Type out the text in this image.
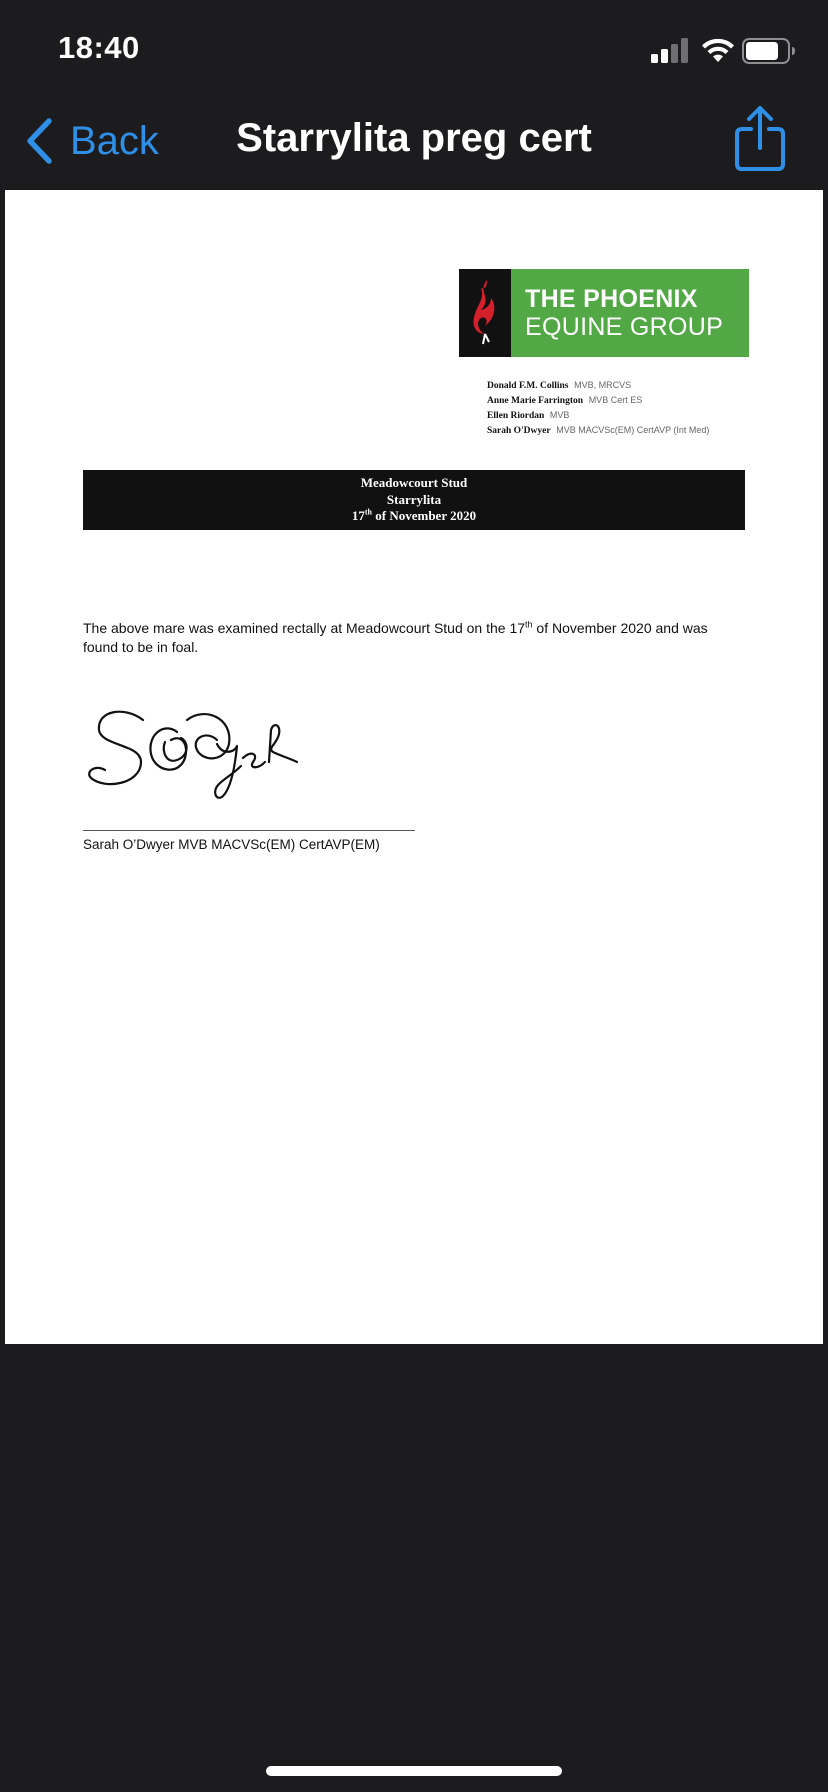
18:40
Back	Starrylita preg cert
THE PHOENIX
EQUINE GROUP
Donald F.M. Collins MVB, MRCVS
Anne Marie Farrington MVB Cert ES
Ellen Riordan MVB
Sarah O'Dwyer MVB MACVSc(EM) CertAVP (Int Med)
Meadowcourt Stud
Starrylita
17th of November 2020
The above mare was examined rectally at Meadowcourt Stud on the 17th of November 2020 and was found to be in foal.
Sarah O’Dwyer MVB MACVSc(EM) CertAVP(EM)
